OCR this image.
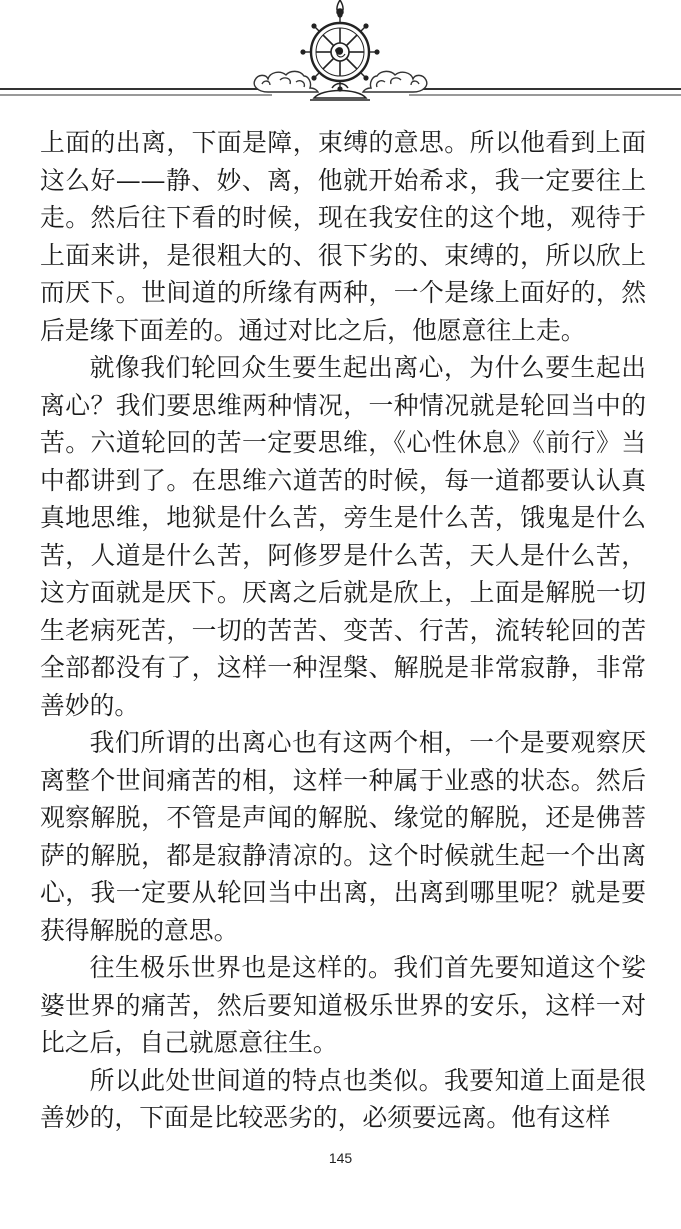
上面的出离，下面是障，束缚的意思。所以他看到上面这么好——静、妙、离，他就开始希求，我一定要往上走。然后往下看的时候，现在我安住的这个地，观待于上面来讲，是很粗大的、很下劣的、束缚的，所以欣上而厌下。世间道的所缘有两种，一个是缘上面好的，然后是缘下面差的。通过对比之后，他愿意往上走。

就像我们轮回众生要生起出离心，为什么要生起出离心？我们要思维两种情况，一种情况就是轮回当中的苦。六道轮回的苦一定要思维，《心性休息》《前行》当中都讲到了。在思维六道苦的时候，每一道都要认认真真地思维，地狱是什么苦，旁生是什么苦，饿鬼是什么苦，人道是什么苦，阿修罗是什么苦，天人是什么苦，这方面就是厌下。厌离之后就是欣上，上面是解脱一切生老病死苦，一切的苦苦、变苦、行苦，流转轮回的苦全部都没有了，这样一种涅槃、解脱是非常寂静，非常善妙的。

我们所谓的出离心也有这两个相，一个是要观察厌离整个世间痛苦的相，这样一种属于业惑的状态。然后观察解脱，不管是声闻的解脱、缘觉的解脱，还是佛菩萨的解脱，都是寂静清凉的。这个时候就生起一个出离心，我一定要从轮回当中出离，出离到哪里呢？就是要获得解脱的意思。

往生极乐世界也是这样的。我们首先要知道这个娑婆世界的痛苦，然后要知道极乐世界的安乐，这样一对比之后，自己就愿意往生。

所以此处世间道的特点也类似。我要知道上面是很善妙的，下面是比较恶劣的，必须要远离。他有这样

145
